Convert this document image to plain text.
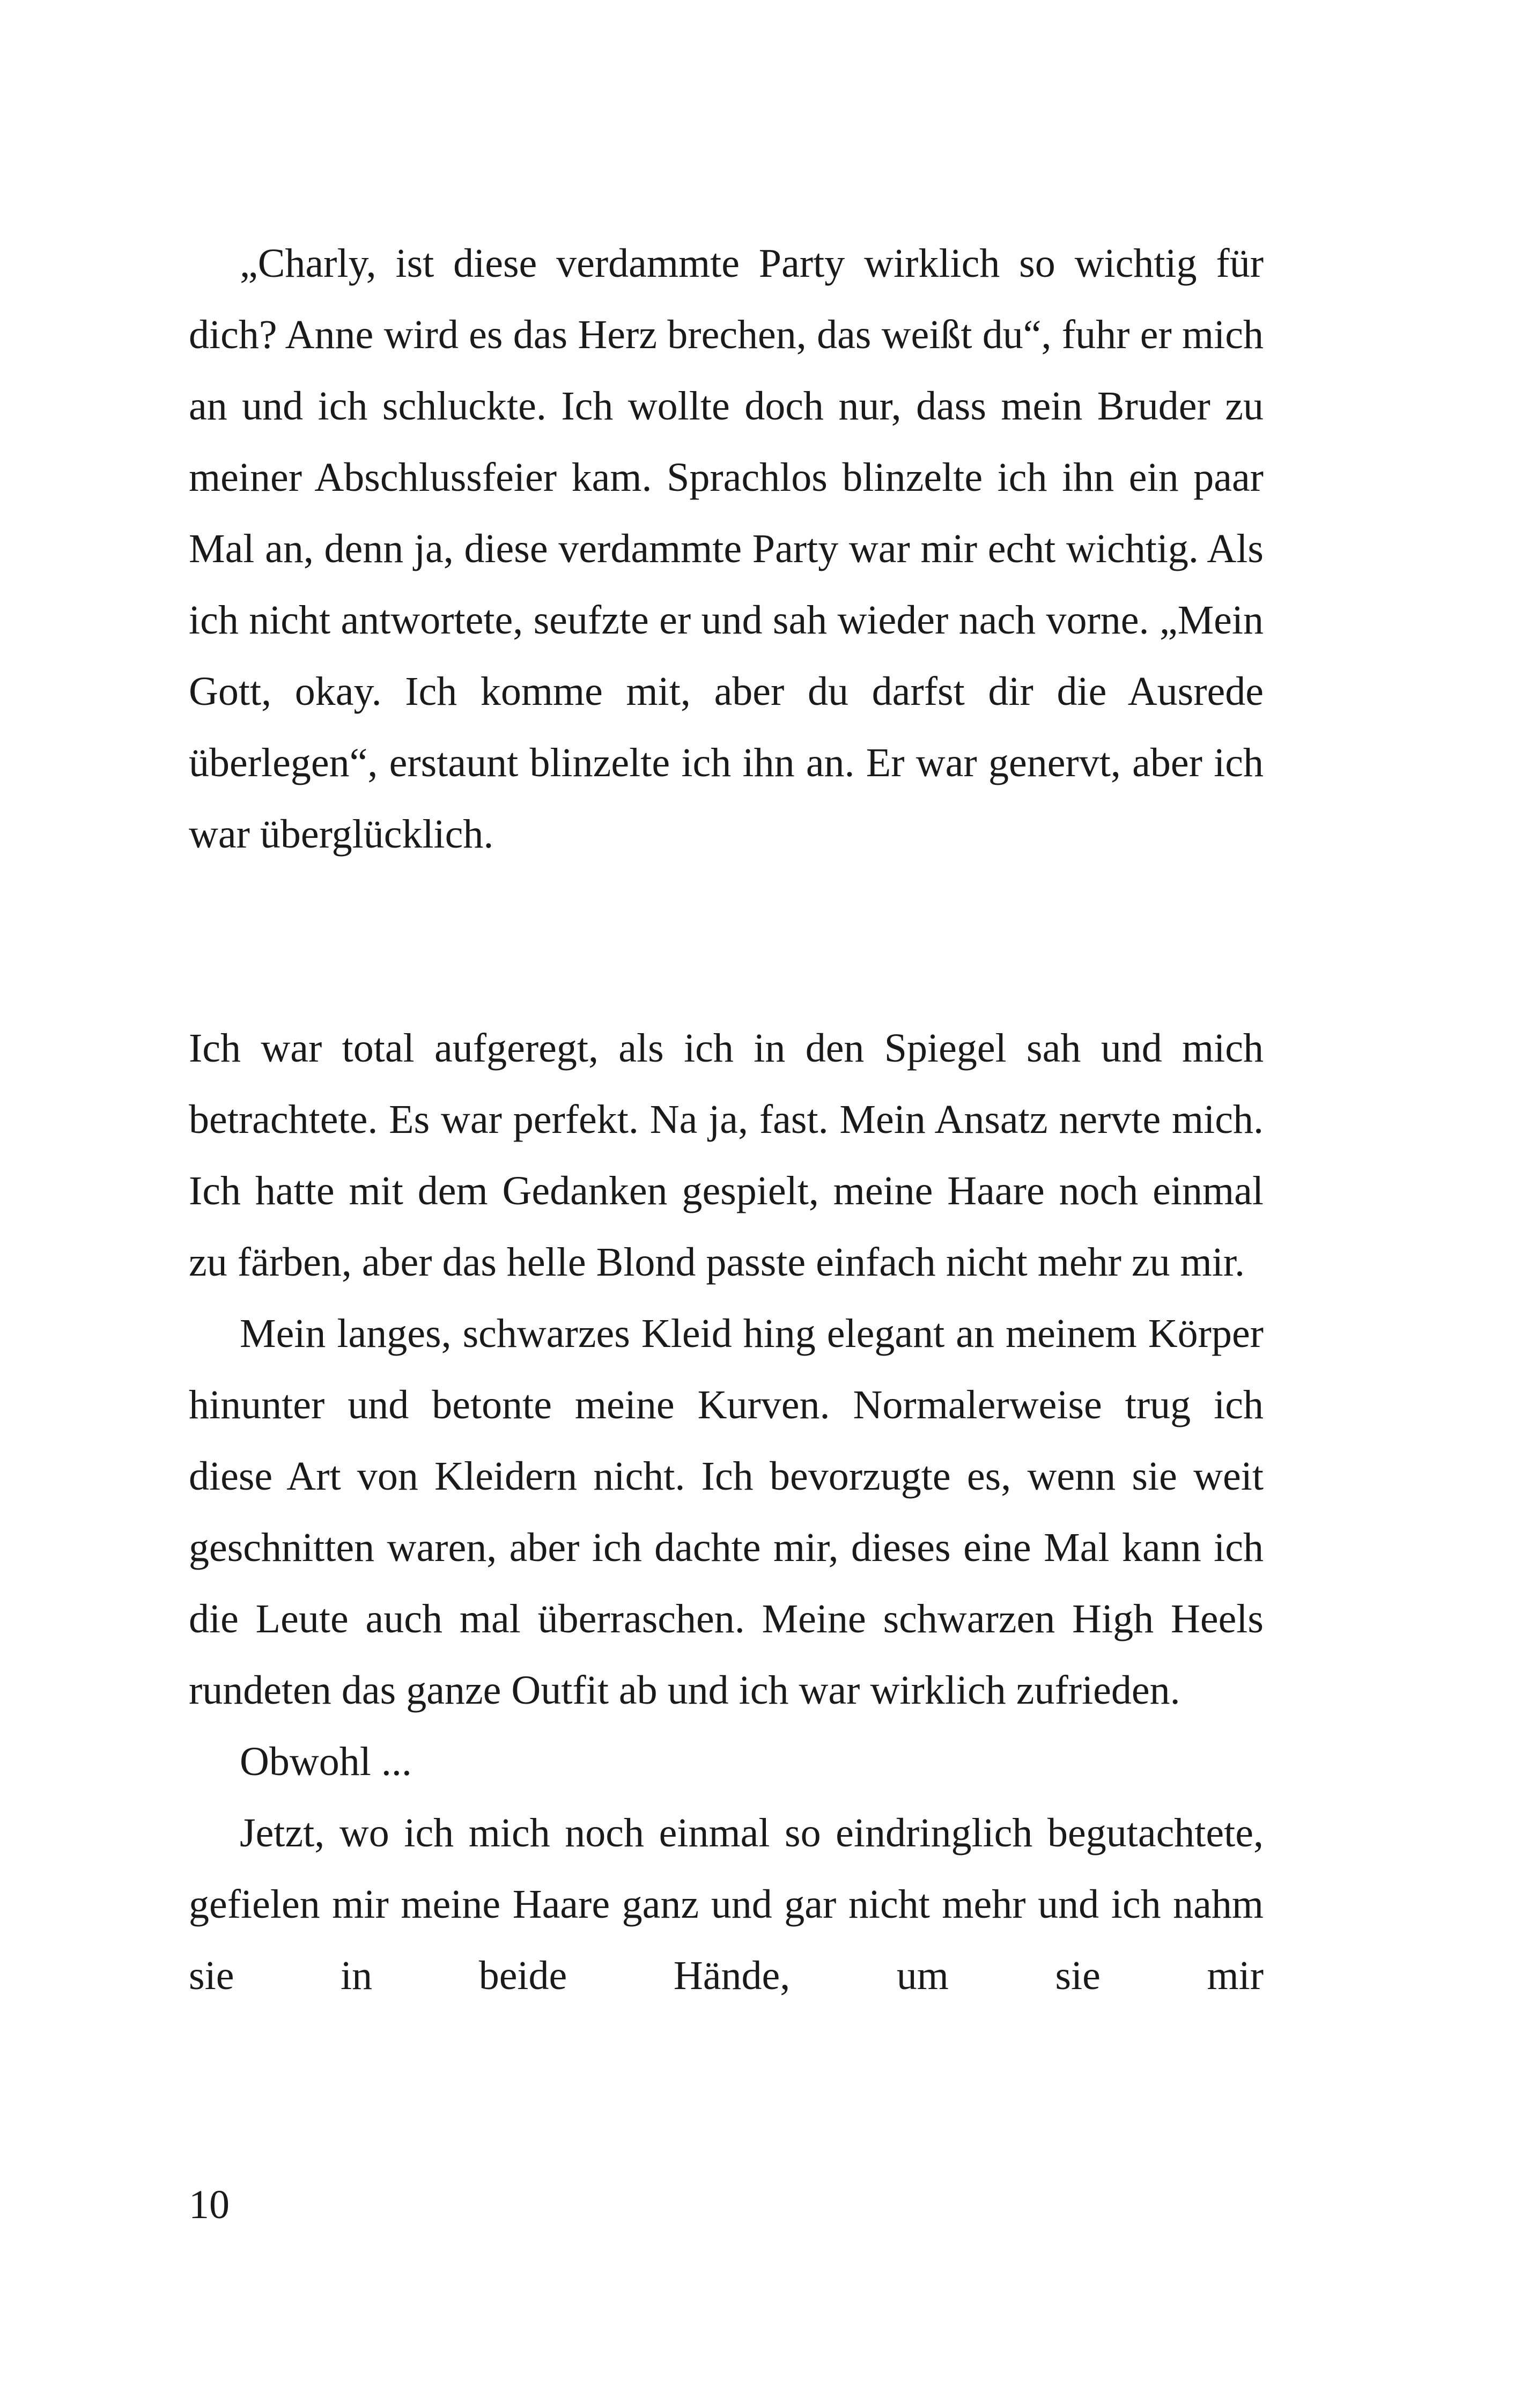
„Charly, ist diese verdammte Party wirklich so wichtig für dich? Anne wird es das Herz brechen, das weißt du“, fuhr er mich an und ich schluckte. Ich wollte doch nur, dass mein Bruder zu meiner Abschlussfeier kam. Sprachlos blinzelte ich ihn ein paar Mal an, denn ja, diese verdammte Party war mir echt wichtig. Als ich nicht antwortete, seufzte er und sah wieder nach vorne. „Mein Gott, okay. Ich komme mit, aber du darfst dir die Ausrede überlegen“, erstaunt blinzelte ich ihn an. Er war genervt, aber ich war überglücklich.

Ich war total aufgeregt, als ich in den Spiegel sah und mich betrachtete. Es war perfekt. Na ja, fast. Mein Ansatz nervte mich. Ich hatte mit dem Gedanken gespielt, meine Haare noch einmal zu färben, aber das helle Blond passte einfach nicht mehr zu mir.

Mein langes, schwarzes Kleid hing elegant an meinem Körper hinunter und betonte meine Kurven. Normalerweise trug ich diese Art von Kleidern nicht. Ich bevorzugte es, wenn sie weit geschnitten waren, aber ich dachte mir, dieses eine Mal kann ich die Leute auch mal überraschen. Meine schwarzen High Heels rundeten das ganze Outfit ab und ich war wirklich zufrieden.

Obwohl ...

Jetzt, wo ich mich noch einmal so eindringlich begutachtete, gefielen mir meine Haare ganz und gar nicht mehr und ich nahm sie in beide Hände, um sie mir

10
